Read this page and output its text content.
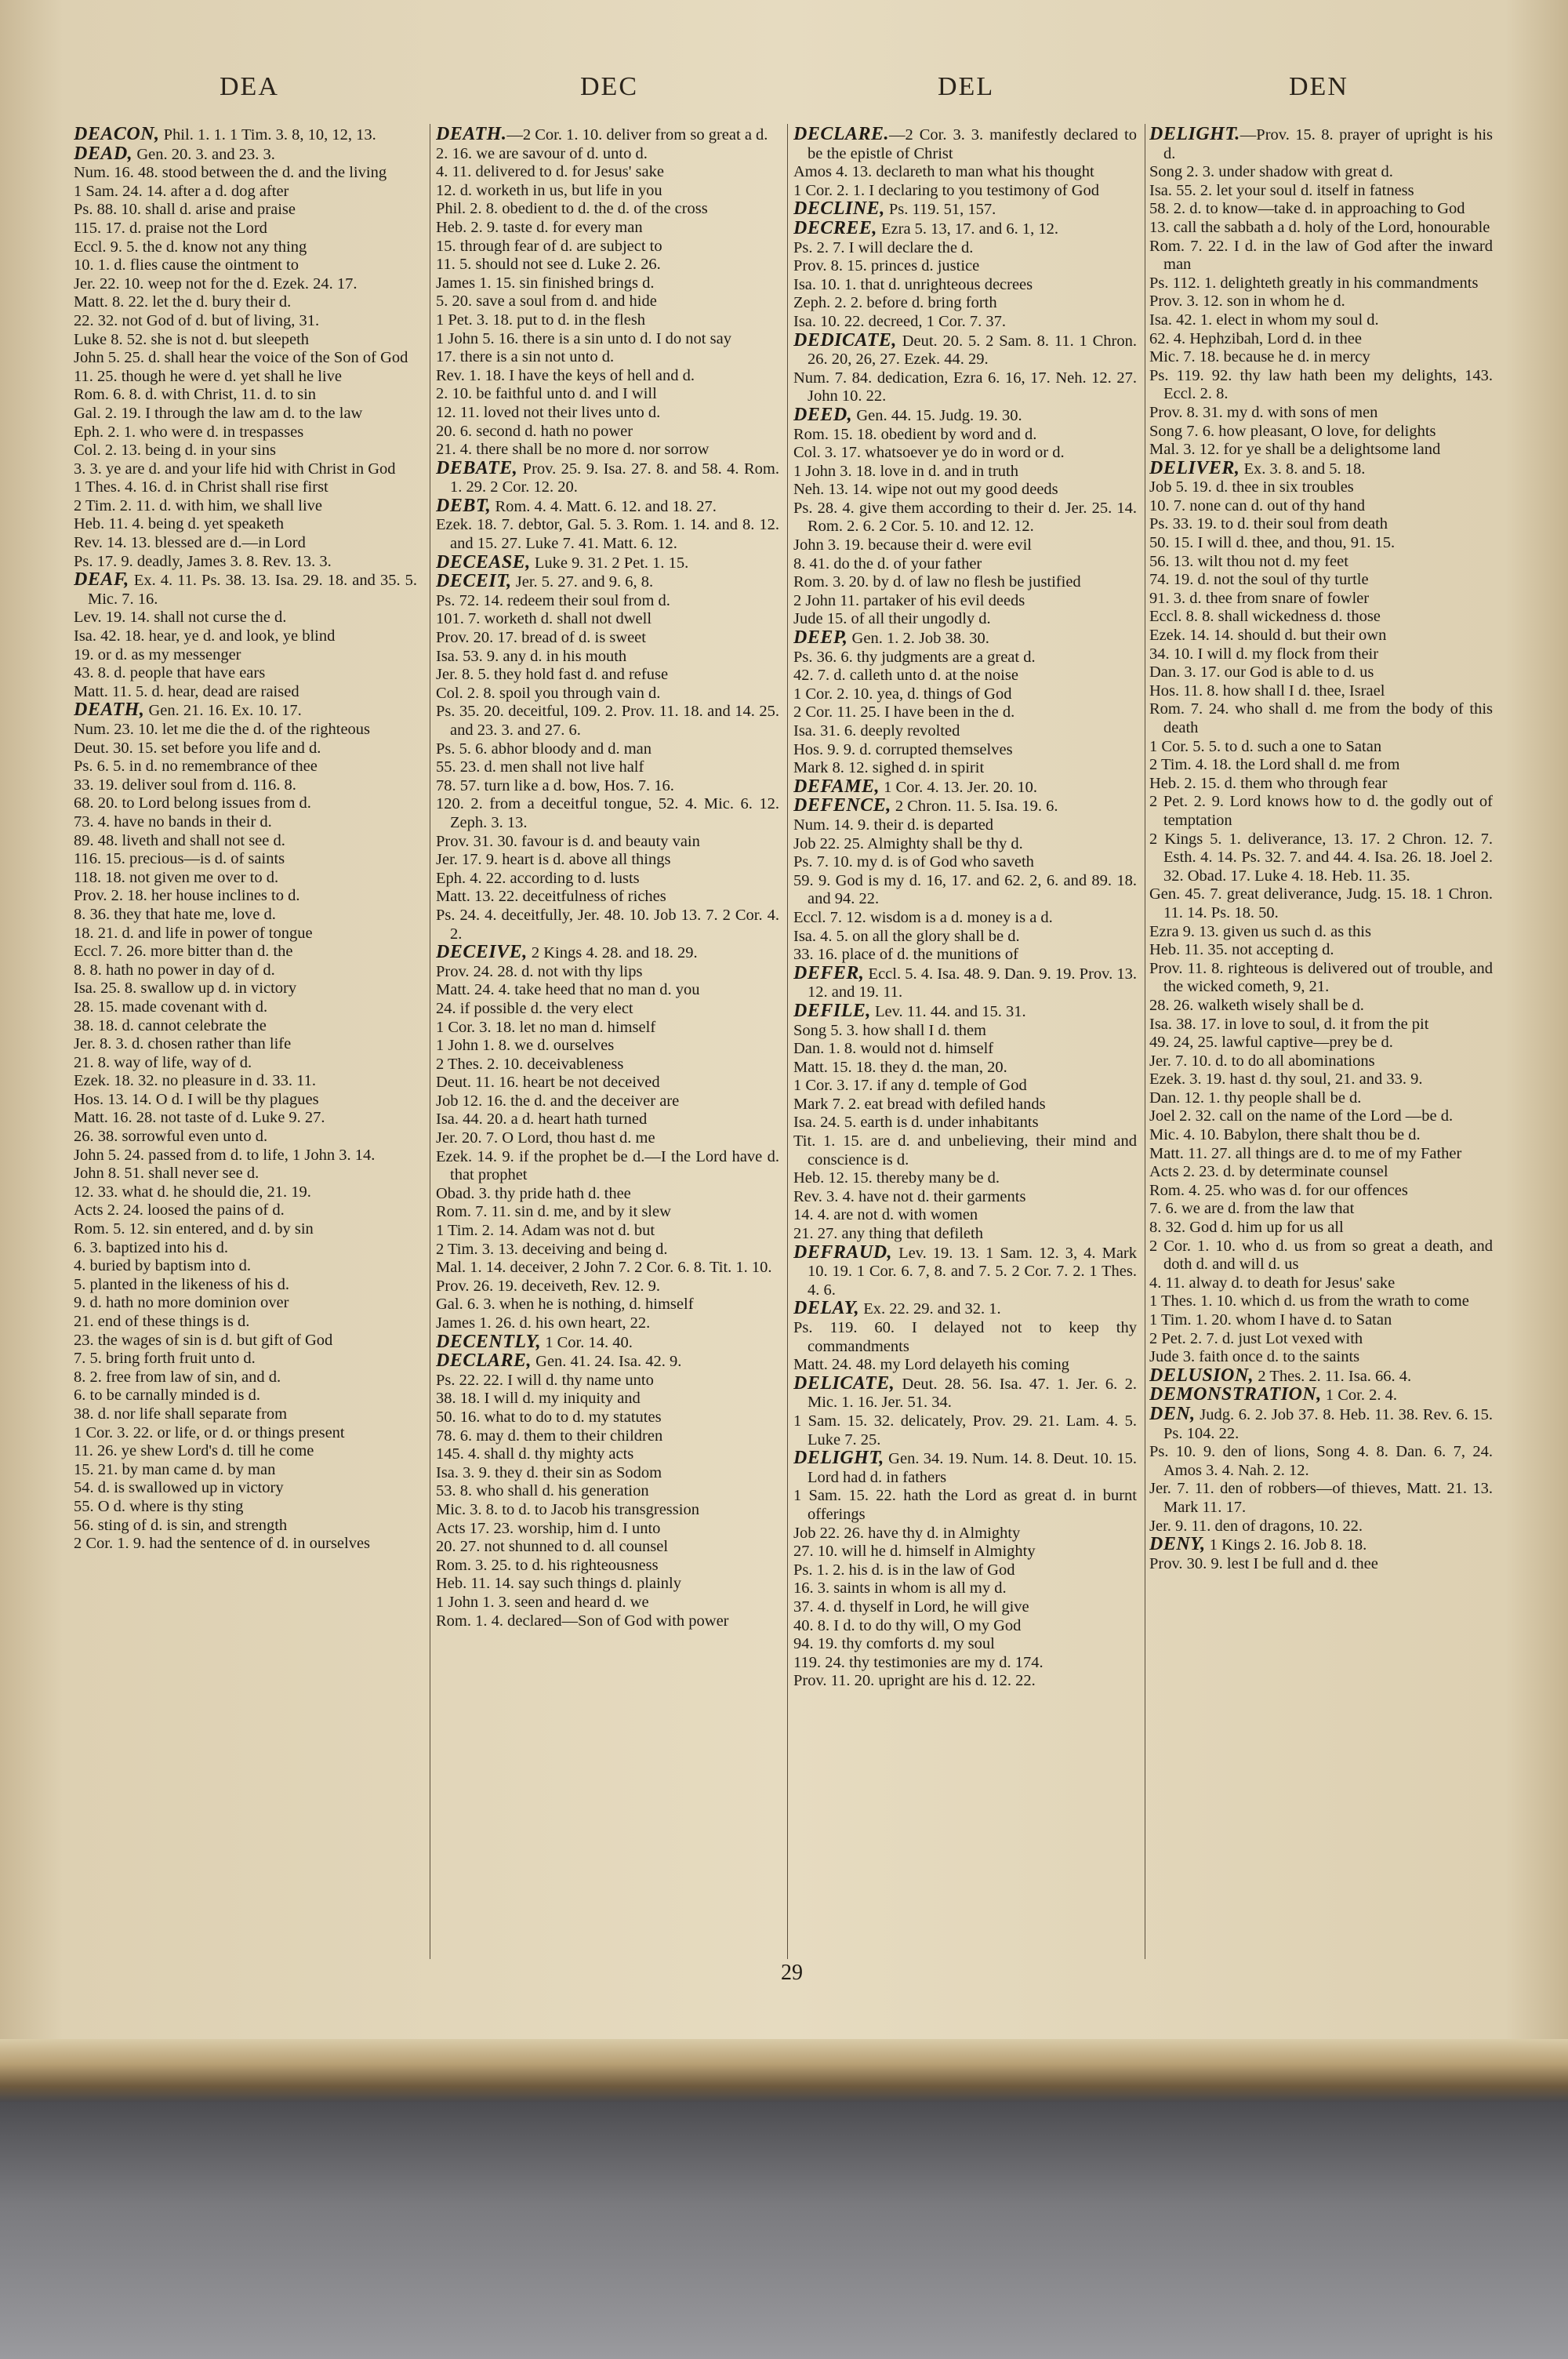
DEA	DEC	DEL	DEN
DEACON, Phil. 1. 1. 1 Tim. 3. 8, 10, 12, 13.
DEAD, Gen. 20. 3. and 23. 3.
Num. 16. 48. stood between the d. and the living
1 Sam. 24. 14. after a d. dog after
Ps. 88. 10. shall d. arise and praise
115. 17. d. praise not the Lord
Eccl. 9. 5. the d. know not any thing
10. 1. d. flies cause the ointment to
Jer. 22. 10. weep not for the d. Ezek. 24. 17.
Matt. 8. 22. let the d. bury their d.
22. 32. not God of d. but of living, 31.
Luke 8. 52. she is not d. but sleepeth
John 5. 25. d. shall hear the voice of the Son of God
11. 25. though he were d. yet shall he live
Rom. 6. 8. d. with Christ, 11. d. to sin
Gal. 2. 19. I through the law am d. to the law
Eph. 2. 1. who were d. in trespasses
Col. 2. 13. being d. in your sins
3. 3. ye are d. and your life hid with Christ in God
1 Thes. 4. 16. d. in Christ shall rise first
2 Tim. 2. 11. d. with him, we shall live
Heb. 11. 4. being d. yet speaketh
Rev. 14. 13. blessed are d.—in Lord
Ps. 17. 9. deadly, James 3. 8. Rev. 13. 3.
DEAF, Ex. 4. 11. Ps. 38. 13. Isa. 29. 18. and 35. 5. Mic. 7. 16.
Lev. 19. 14. shall not curse the d.
Isa. 42. 18. hear, ye d. and look, ye blind
19. or d. as my messenger
43. 8. d. people that have ears
Matt. 11. 5. d. hear, dead are raised
DEATH, Gen. 21. 16. Ex. 10. 17.
Num. 23. 10. let me die the d. of the righteous
Deut. 30. 15. set before you life and d.
Ps. 6. 5. in d. no remembrance of thee
33. 19. deliver soul from d. 116. 8.
68. 20. to Lord belong issues from d.
73. 4. have no bands in their d.
89. 48. liveth and shall not see d.
116. 15. precious—is d. of saints
118. 18. not given me over to d.
Prov. 2. 18. her house inclines to d.
8. 36. they that hate me, love d.
18. 21. d. and life in power of tongue
Eccl. 7. 26. more bitter than d. the
8. 8. hath no power in day of d.
Isa. 25. 8. swallow up d. in victory
28. 15. made covenant with d.
38. 18. d. cannot celebrate the
Jer. 8. 3. d. chosen rather than life
21. 8. way of life, way of d.
Ezek. 18. 32. no pleasure in d. 33. 11.
Hos. 13. 14. O d. I will be thy plagues
Matt. 16. 28. not taste of d. Luke 9. 27.
26. 38. sorrowful even unto d.
John 5. 24. passed from d. to life, 1 John 3. 14.
John 8. 51. shall never see d.
12. 33. what d. he should die, 21. 19.
Acts 2. 24. loosed the pains of d.
Rom. 5. 12. sin entered, and d. by sin
6. 3. baptized into his d.
4. buried by baptism into d.
5. planted in the likeness of his d.
9. d. hath no more dominion over
21. end of these things is d.
23. the wages of sin is d. but gift of God
7. 5. bring forth fruit unto d.
8. 2. free from law of sin, and d.
6. to be carnally minded is d.
38. d. nor life shall separate from
1 Cor. 3. 22. or life, or d. or things present
11. 26. ye shew Lord's d. till he come
15. 21. by man came d. by man
54. d. is swallowed up in victory
55. O d. where is thy sting
56. sting of d. is sin, and strength
2 Cor. 1. 9. had the sentence of d. in ourselves
DEATH.—2 Cor. 1. 10. deliver from so great a d.
2. 16. we are savour of d. unto d.
4. 11. delivered to d. for Jesus' sake
12. d. worketh in us, but life in you
Phil. 2. 8. obedient to d. the d. of the cross
Heb. 2. 9. taste d. for every man
15. through fear of d. are subject to
11. 5. should not see d. Luke 2. 26.
James 1. 15. sin finished brings d.
5. 20. save a soul from d. and hide
1 Pet. 3. 18. put to d. in the flesh
1 John 5. 16. there is a sin unto d. I do not say
17. there is a sin not unto d.
Rev. 1. 18. I have the keys of hell and d.
2. 10. be faithful unto d. and I will
12. 11. loved not their lives unto d.
20. 6. second d. hath no power
21. 4. there shall be no more d. nor sorrow
DEBATE, Prov. 25. 9. Isa. 27. 8. and 58. 4. Rom. 1. 29. 2 Cor. 12. 20.
DEBT, Rom. 4. 4. Matt. 6. 12. and 18. 27.
Ezek. 18. 7. debtor, Gal. 5. 3. Rom. 1. 14. and 8. 12. and 15. 27. Luke 7. 41. Matt. 6. 12.
DECEASE, Luke 9. 31. 2 Pet. 1. 15.
DECEIT, Jer. 5. 27. and 9. 6, 8.
Ps. 72. 14. redeem their soul from d.
101. 7. worketh d. shall not dwell
Prov. 20. 17. bread of d. is sweet
Isa. 53. 9. any d. in his mouth
Jer. 8. 5. they hold fast d. and refuse
Col. 2. 8. spoil you through vain d.
Ps. 35. 20. deceitful, 109. 2. Prov. 11. 18. and 14. 25. and 23. 3. and 27. 6.
Ps. 5. 6. abhor bloody and d. man
55. 23. d. men shall not live half
78. 57. turn like a d. bow, Hos. 7. 16.
120. 2. from a deceitful tongue, 52. 4. Mic. 6. 12. Zeph. 3. 13.
Prov. 31. 30. favour is d. and beauty vain
Jer. 17. 9. heart is d. above all things
Eph. 4. 22. according to d. lusts
Matt. 13. 22. deceitfulness of riches
Ps. 24. 4. deceitfully, Jer. 48. 10. Job 13. 7. 2 Cor. 4. 2.
DECEIVE, 2 Kings 4. 28. and 18. 29.
Prov. 24. 28. d. not with thy lips
Matt. 24. 4. take heed that no man d. you
24. if possible d. the very elect
1 Cor. 3. 18. let no man d. himself
1 John 1. 8. we d. ourselves
2 Thes. 2. 10. deceivableness
Deut. 11. 16. heart be not deceived
Job 12. 16. the d. and the deceiver are
Isa. 44. 20. a d. heart hath turned
Jer. 20. 7. O Lord, thou hast d. me
Ezek. 14. 9. if the prophet be d.—I the Lord have d. that prophet
Obad. 3. thy pride hath d. thee
Rom. 7. 11. sin d. me, and by it slew
1 Tim. 2. 14. Adam was not d. but
2 Tim. 3. 13. deceiving and being d.
Mal. 1. 14. deceiver, 2 John 7. 2 Cor. 6. 8. Tit. 1. 10.
Prov. 26. 19. deceiveth, Rev. 12. 9.
Gal. 6. 3. when he is nothing, d. himself
James 1. 26. d. his own heart, 22.
DECENTLY, 1 Cor. 14. 40.
DECLARE, Gen. 41. 24. Isa. 42. 9.
Ps. 22. 22. I will d. thy name unto
38. 18. I will d. my iniquity and
50. 16. what to do to d. my statutes
78. 6. may d. them to their children
145. 4. shall d. thy mighty acts
Isa. 3. 9. they d. their sin as Sodom
53. 8. who shall d. his generation
Mic. 3. 8. to d. to Jacob his transgression
Acts 17. 23. worship, him d. I unto
20. 27. not shunned to d. all counsel
Rom. 3. 25. to d. his righteousness
Heb. 11. 14. say such things d. plainly
1 John 1. 3. seen and heard d. we
Rom. 1. 4. declared—Son of God with power
DECLARE.—2 Cor. 3. 3. manifestly declared to be the epistle of Christ
Amos 4. 13. declareth to man what his thought
1 Cor. 2. 1. I declaring to you testimony of God
DECLINE, Ps. 119. 51, 157.
DECREE, Ezra 5. 13, 17. and 6. 1, 12.
Ps. 2. 7. I will declare the d.
Prov. 8. 15. princes d. justice
Isa. 10. 1. that d. unrighteous decrees
Zeph. 2. 2. before d. bring forth
Isa. 10. 22. decreed, 1 Cor. 7. 37.
DEDICATE, Deut. 20. 5. 2 Sam. 8. 11. 1 Chron. 26. 20, 26, 27. Ezek. 44. 29.
Num. 7. 84. dedication, Ezra 6. 16, 17. Neh. 12. 27. John 10. 22.
DEED, Gen. 44. 15. Judg. 19. 30.
Rom. 15. 18. obedient by word and d.
Col. 3. 17. whatsoever ye do in word or d.
1 John 3. 18. love in d. and in truth
Neh. 13. 14. wipe not out my good deeds
Ps. 28. 4. give them according to their d. Jer. 25. 14. Rom. 2. 6. 2 Cor. 5. 10. and 12. 12.
John 3. 19. because their d. were evil
8. 41. do the d. of your father
Rom. 3. 20. by d. of law no flesh be justified
2 John 11. partaker of his evil deeds
Jude 15. of all their ungodly d.
DEEP, Gen. 1. 2. Job 38. 30.
Ps. 36. 6. thy judgments are a great d.
42. 7. d. calleth unto d. at the noise
1 Cor. 2. 10. yea, d. things of God
2 Cor. 11. 25. I have been in the d.
Isa. 31. 6. deeply revolted
Hos. 9. 9. d. corrupted themselves
Mark 8. 12. sighed d. in spirit
DEFAME, 1 Cor. 4. 13. Jer. 20. 10.
DEFENCE, 2 Chron. 11. 5. Isa. 19. 6.
Num. 14. 9. their d. is departed
Job 22. 25. Almighty shall be thy d.
Ps. 7. 10. my d. is of God who saveth
59. 9. God is my d. 16, 17. and 62. 2, 6. and 89. 18. and 94. 22.
Eccl. 7. 12. wisdom is a d. money is a d.
Isa. 4. 5. on all the glory shall be d.
33. 16. place of d. the munitions of
DEFER, Eccl. 5. 4. Isa. 48. 9. Dan. 9. 19. Prov. 13. 12. and 19. 11.
DEFILE, Lev. 11. 44. and 15. 31.
Song 5. 3. how shall I d. them
Dan. 1. 8. would not d. himself
Matt. 15. 18. they d. the man, 20.
1 Cor. 3. 17. if any d. temple of God
Mark 7. 2. eat bread with defiled hands
Isa. 24. 5. earth is d. under inhabitants
Tit. 1. 15. are d. and unbelieving, their mind and conscience is d.
Heb. 12. 15. thereby many be d.
Rev. 3. 4. have not d. their garments
14. 4. are not d. with women
21. 27. any thing that defileth
DEFRAUD, Lev. 19. 13. 1 Sam. 12. 3, 4. Mark 10. 19. 1 Cor. 6. 7, 8. and 7. 5. 2 Cor. 7. 2. 1 Thes. 4. 6.
DELAY, Ex. 22. 29. and 32. 1.
Ps. 119. 60. I delayed not to keep thy commandments
Matt. 24. 48. my Lord delayeth his coming
DELICATE, Deut. 28. 56. Isa. 47. 1. Jer. 6. 2. Mic. 1. 16. Jer. 51. 34.
1 Sam. 15. 32. delicately, Prov. 29. 21. Lam. 4. 5. Luke 7. 25.
DELIGHT, Gen. 34. 19. Num. 14. 8. Deut. 10. 15. Lord had d. in fathers
1 Sam. 15. 22. hath the Lord as great d. in burnt offerings
Job 22. 26. have thy d. in Almighty
27. 10. will he d. himself in Almighty
Ps. 1. 2. his d. is in the law of God
16. 3. saints in whom is all my d.
37. 4. d. thyself in Lord, he will give
40. 8. I d. to do thy will, O my God
94. 19. thy comforts d. my soul
119. 24. thy testimonies are my d. 174.
Prov. 11. 20. upright are his d. 12. 22.
DELIGHT.—Prov. 15. 8. prayer of upright is his d.
Song 2. 3. under shadow with great d.
Isa. 55. 2. let your soul d. itself in fatness
58. 2. d. to know—take d. in approaching to God
13. call the sabbath a d. holy of the Lord, honourable
Rom. 7. 22. I d. in the law of God after the inward man
Ps. 112. 1. delighteth greatly in his commandments
Prov. 3. 12. son in whom he d.
Isa. 42. 1. elect in whom my soul d.
62. 4. Hephzibah, Lord d. in thee
Mic. 7. 18. because he d. in mercy
Ps. 119. 92. thy law hath been my delights, 143. Eccl. 2. 8.
Prov. 8. 31. my d. with sons of men
Song 7. 6. how pleasant, O love, for delights
Mal. 3. 12. for ye shall be a delightsome land
DELIVER, Ex. 3. 8. and 5. 18.
Job 5. 19. d. thee in six troubles
10. 7. none can d. out of thy hand
Ps. 33. 19. to d. their soul from death
50. 15. I will d. thee, and thou, 91. 15.
56. 13. wilt thou not d. my feet
74. 19. d. not the soul of thy turtle
91. 3. d. thee from snare of fowler
Eccl. 8. 8. shall wickedness d. those
Ezek. 14. 14. should d. but their own
34. 10. I will d. my flock from their
Dan. 3. 17. our God is able to d. us
Hos. 11. 8. how shall I d. thee, Israel
Rom. 7. 24. who shall d. me from the body of this death
1 Cor. 5. 5. to d. such a one to Satan
2 Tim. 4. 18. the Lord shall d. me from
Heb. 2. 15. d. them who through fear
2 Pet. 2. 9. Lord knows how to d. the godly out of temptation
2 Kings 5. 1. deliverance, 13. 17. 2 Chron. 12. 7. Esth. 4. 14. Ps. 32. 7. and 44. 4. Isa. 26. 18. Joel 2. 32. Obad. 17. Luke 4. 18. Heb. 11. 35.
Gen. 45. 7. great deliverance, Judg. 15. 18. 1 Chron. 11. 14. Ps. 18. 50.
Ezra 9. 13. given us such d. as this
Heb. 11. 35. not accepting d.
Prov. 11. 8. righteous is delivered out of trouble, and the wicked cometh, 9, 21.
28. 26. walketh wisely shall be d.
Isa. 38. 17. in love to soul, d. it from the pit
49. 24, 25. lawful captive—prey be d.
Jer. 7. 10. d. to do all abominations
Ezek. 3. 19. hast d. thy soul, 21. and 33. 9.
Dan. 12. 1. thy people shall be d.
Joel 2. 32. call on the name of the Lord —be d.
Mic. 4. 10. Babylon, there shalt thou be d.
Matt. 11. 27. all things are d. to me of my Father
Acts 2. 23. d. by determinate counsel
Rom. 4. 25. who was d. for our offences
7. 6. we are d. from the law that
8. 32. God d. him up for us all
2 Cor. 1. 10. who d. us from so great a death, and doth d. and will d. us
4. 11. alway d. to death for Jesus' sake
1 Thes. 1. 10. which d. us from the wrath to come
1 Tim. 1. 20. whom I have d. to Satan
2 Pet. 2. 7. d. just Lot vexed with
Jude 3. faith once d. to the saints
DELUSION, 2 Thes. 2. 11. Isa. 66. 4.
DEMONSTRATION, 1 Cor. 2. 4.
DEN, Judg. 6. 2. Job 37. 8. Heb. 11. 38. Rev. 6. 15. Ps. 104. 22.
Ps. 10. 9. den of lions, Song 4. 8. Dan. 6. 7, 24. Amos 3. 4. Nah. 2. 12.
Jer. 7. 11. den of robbers—of thieves, Matt. 21. 13. Mark 11. 17.
Jer. 9. 11. den of dragons, 10. 22.
DENY, 1 Kings 2. 16. Job 8. 18.
Prov. 30. 9. lest I be full and d. thee
29
